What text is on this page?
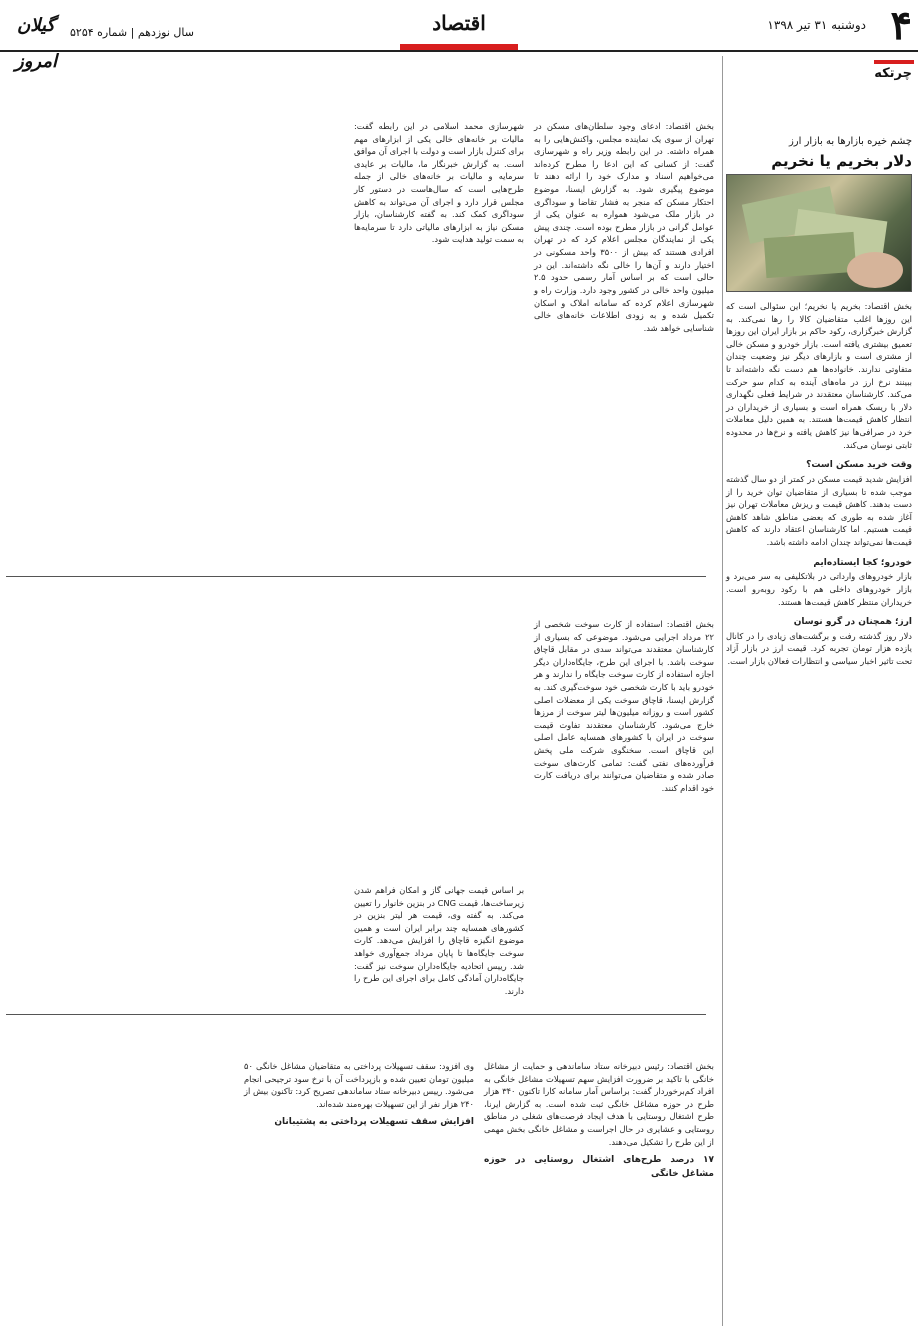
۴
دوشنبه ۳۱ تیر ۱۳۹۸
اقتصاد
سال نوزدهم | شماره ۵۲۵۴
گیلان امروز
چرتکه
چشم خیره بازارها به بازار ارز
دلار بخریم یا نخریم
بخش اقتصاد: بخریم یا نخریم؛ این سئوالی است که این روزها اغلب متقاضیان کالا را رها نمی‌کند. به گزارش خبرگزاری، رکود حاکم بر بازار ایران این روزها تعمیق بیشتری یافته است. بازار خودرو و مسکن خالی از مشتری است و بازارهای دیگر نیز وضعیت چندان متفاوتی ندارند. خانواده‌ها هم دست نگه داشته‌اند تا ببینند نرخ ارز در ماه‌های آینده به کدام سو حرکت می‌کند. کارشناسان معتقدند در شرایط فعلی نگهداری دلار با ریسک همراه است و بسیاری از خریداران در انتظار کاهش قیمت‌ها هستند. به همین دلیل معاملات خرد در صرافی‌ها نیز کاهش یافته و نرخ‌ها در محدوده ثابتی نوسان می‌کند.
وقت خرید مسکن است؟
افزایش شدید قیمت مسکن در کمتر از دو سال گذشته موجب شده تا بسیاری از متقاضیان توان خرید را از دست بدهند. کاهش قیمت و ریزش معاملات تهران نیز آغاز شده به طوری که بعضی مناطق شاهد کاهش قیمت هستیم. اما کارشناسان اعتقاد دارند که کاهش قیمت‌ها نمی‌تواند چندان ادامه داشته باشد.
خودرو؛ کجا ایستاده‌ایم
بازار خودروهای وارداتی در بلاتکلیفی به سر می‌برد و بازار خودروهای داخلی هم با رکود روبه‌رو است. خریداران منتظر کاهش قیمت‌ها هستند.
ارز؛ همچنان در گرو نوسان
دلار روز گذشته رفت و برگشت‌های زیادی را در کانال یازده هزار تومان تجربه کرد. قیمت ارز در بازار آزاد تحت تاثیر اخبار سیاسی و انتظارات فعالان بازار است.
بخش اقتصاد: ادعای وجود سلطان‌های مسکن در تهران از سوی یک نماینده مجلس، واکنش‌هایی را به همراه داشته. در این رابطه وزیر راه و شهرسازی گفت: از کسانی که این ادعا را مطرح کرده‌اند می‌خواهیم اسناد و مدارک خود را ارائه دهند تا موضوع پیگیری شود. به گزارش ایسنا، موضوع احتکار مسکن که منجر به فشار تقاضا و سوداگری در بازار ملک می‌شود همواره به عنوان یکی از عوامل گرانی در بازار مطرح بوده است. چندی پیش یکی از نمایندگان مجلس اعلام کرد که در تهران افرادی هستند که بیش از ۳۵۰۰ واحد مسکونی در اختیار دارند و آن‌ها را خالی نگه داشته‌اند. این در حالی است که بر اساس آمار رسمی حدود ۲.۵ میلیون واحد خالی در کشور وجود دارد. وزارت راه و شهرسازی اعلام کرده که سامانه املاک و اسکان تکمیل شده و به زودی اطلاعات خانه‌های خالی شناسایی خواهد شد.
شهرسازی محمد اسلامی در این رابطه گفت: مالیات بر خانه‌های خالی یکی از ابزارهای مهم برای کنترل بازار است و دولت با اجرای آن موافق است. به گزارش خبرنگار ما، مالیات بر عایدی سرمایه و مالیات بر خانه‌های خالی از جمله طرح‌هایی است که سال‌هاست در دستور کار مجلس قرار دارد و اجرای آن می‌تواند به کاهش سوداگری کمک کند. به گفته کارشناسان، بازار مسکن نیاز به ابزارهای مالیاتی دارد تا سرمایه‌ها به سمت تولید هدایت شود.
بخش اقتصاد: استفاده از کارت سوخت شخصی از ۲۲ مرداد اجرایی می‌شود. موضوعی که بسیاری از کارشناسان معتقدند می‌تواند سدی در مقابل قاچاق سوخت باشد. با اجرای این طرح، جایگاه‌داران دیگر اجازه استفاده از کارت سوخت جایگاه را ندارند و هر خودرو باید با کارت شخصی خود سوخت‌گیری کند. به گزارش ایسنا، قاچاق سوخت یکی از معضلات اصلی کشور است و روزانه میلیون‌ها لیتر سوخت از مرزها خارج می‌شود. کارشناسان معتقدند تفاوت قیمت سوخت در ایران با کشورهای همسایه عامل اصلی این قاچاق است. سخنگوی شرکت ملی پخش فرآورده‌های نفتی گفت: تمامی کارت‌های سوخت صادر شده و متقاضیان می‌توانند برای دریافت کارت خود اقدام کنند.
بر اساس قیمت جهانی گاز و امکان فراهم شدن زیرساخت‌ها، قیمت CNG در بنزین خانوار را تعیین می‌کند. به گفته وی، قیمت هر لیتر بنزین در کشورهای همسایه چند برابر ایران است و همین موضوع انگیزه قاچاق را افزایش می‌دهد. کارت سوخت جایگاه‌ها تا پایان مرداد جمع‌آوری خواهد شد. رییس اتحادیه جایگاه‌داران سوخت نیز گفت: جایگاه‌داران آمادگی کامل برای اجرای این طرح را دارند.
بخش اقتصاد: رئیس دبیرخانه ستاد ساماندهی و حمایت از مشاغل خانگی با تاکید بر ضرورت افزایش سهم تسهیلات مشاغل خانگی به افراد کم‌برخوردار گفت: براساس آمار سامانه کارا تاکنون ۳۴۰ هزار طرح در حوزه مشاغل خانگی ثبت شده است. به گزارش ایرنا، طرح اشتغال روستایی با هدف ایجاد فرصت‌های شغلی در مناطق روستایی و عشایری در حال اجراست و مشاغل خانگی بخش مهمی از این طرح را تشکیل می‌دهند.
۱۷ درصد طرح‌های اشتغال روستایی در حوزه مشاغل خانگی
وی افزود: سقف تسهیلات پرداختی به متقاضیان مشاغل خانگی ۵۰ میلیون تومان تعیین شده و بازپرداخت آن با نرخ سود ترجیحی انجام می‌شود. رییس دبیرخانه ستاد ساماندهی تصریح کرد: تاکنون بیش از ۲۴۰ هزار نفر از این تسهیلات بهره‌مند شده‌اند.
افزایش سقف تسهیلات پرداختی به پشتیبانان
